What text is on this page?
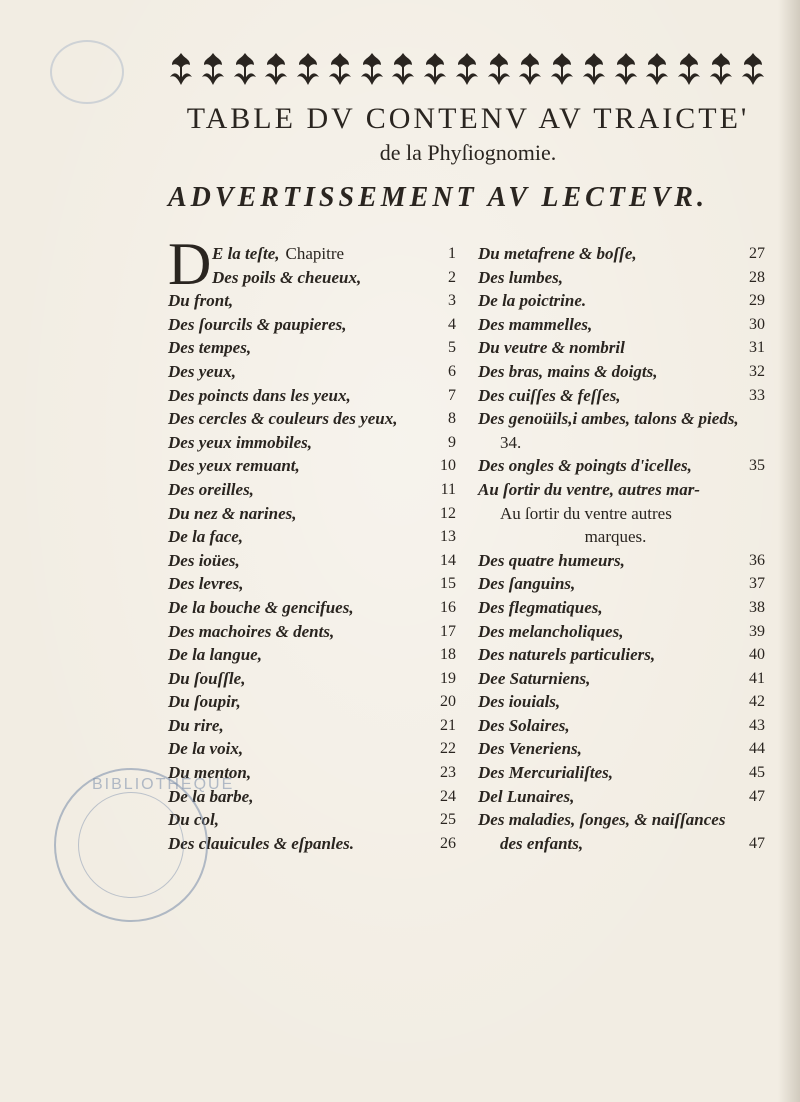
TABLE DV CONTENV AV TRAICTE'
de la Phyſiognomie.
ADVERTISSEMENT AV LECTEVR.
D E la teſte, Chapitre	1
Des poils & cheueux,	2
Du front,	3
Des ſourcils & paupieres,	4
Des tempes,	5
Des yeux,	6
Des poincts dans les yeux,	7
Des cercles & couleurs des yeux,	8
Des yeux immobiles,	9
Des yeux remuant,	10
Des oreilles,	11
Du nez & narines,	12
De la face,	13
Des ioües,	14
Des levres,	15
De la bouche & gencifues,	16
Des machoires & dents,	17
De la langue,	18
Du ſouſſle,	19
Du ſoupir,	20
Du rire,	21
De la voix,	22
Du menton,	23
De la barbe,	24
Du col,	25
Des clauicules & eſpanles.	26
Du metafrene & boſſe,	27
Des lumbes,	28
De la poictrine.	29
Des mammelles,	30
Du veutre & nombril	31
Des bras, mains & doigts,	32
Des cuiſſes & feſſes,	33
Des genoüils,i ambes, talons & pieds,
34.
Des ongles & poingts d'icelles,	35
Au ſortir du ventre, autres mar-
Au ſortir du ventre autres
marques.
Des quatre humeurs,	36
Des ſanguins,	37
Des flegmatiques,	38
Des melancholiques,	39
Des naturels particuliers,	40
Dee Saturniens,	41
Des iouials,	42
Des Solaires,	43
Des Veneriens,	44
Des Mercurialiſtes,	45
Del Lunaires,	47
Des maladies, ſonges, & naiſſances
des enfants,	47
BIBLIOTHÈQUE
